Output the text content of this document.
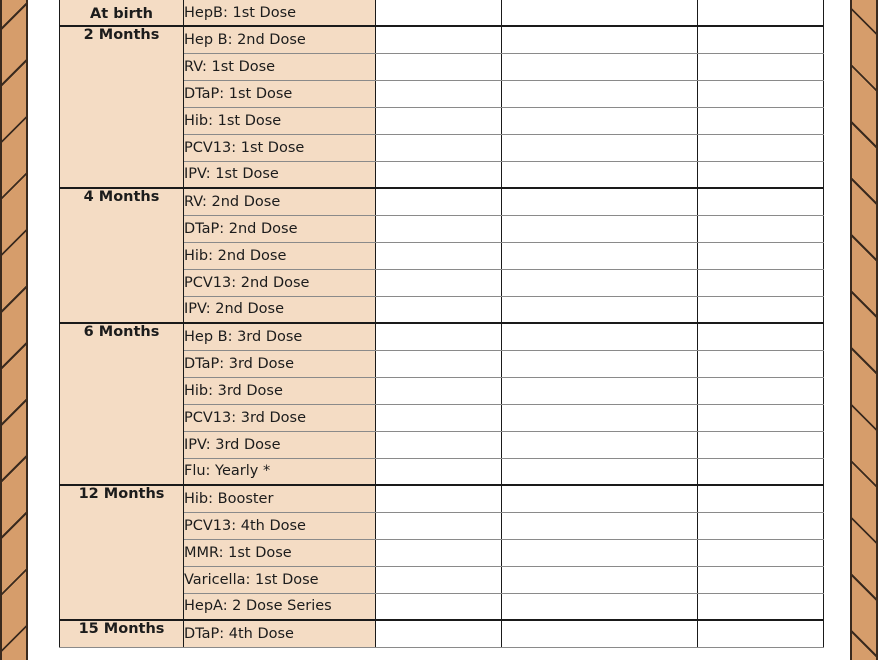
At birth	HepB: 1st Dose			
2 Months	Hep B: 2nd Dose			
	RV: 1st Dose			
	DTaP: 1st Dose			
	Hib: 1st Dose			
	PCV13: 1st Dose			
	IPV: 1st Dose			
4 Months	RV: 2nd Dose			
	DTaP: 2nd Dose			
	Hib: 2nd Dose			
	PCV13: 2nd Dose			
	IPV: 2nd Dose			
6 Months	Hep B: 3rd Dose			
	DTaP: 3rd Dose			
	Hib: 3rd Dose			
	PCV13: 3rd Dose			
	IPV: 3rd Dose			
	Flu: Yearly *			
12 Months	Hib: Booster			
	PCV13: 4th Dose			
	MMR: 1st Dose			
	Varicella: 1st Dose			
	HepA: 2 Dose Series			
15 Months	DTaP: 4th Dose			
